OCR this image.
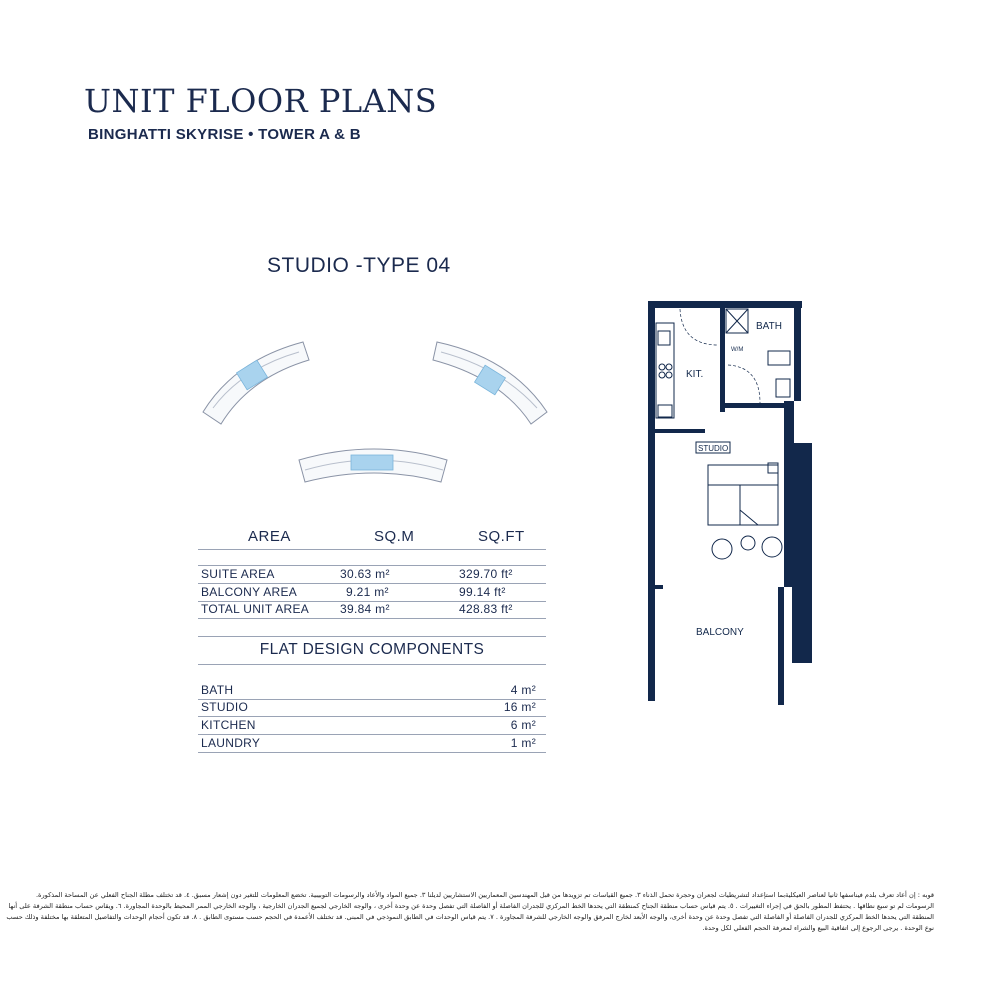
UNIT FLOOR PLANS
BINGHATTI SKYRISE • TOWER A & B
STUDIO -TYPE 04
AREA	SQ.M	SQ.FT
SUITE AREA	30.63 m²	329.70 ft²
BALCONY AREA	9.21 m²	99.14 ft²
TOTAL UNIT AREA	39.84 m²	428.83 ft²
FLAT DESIGN COMPONENTS
BATH	4 m²
STUDIO	16 m²
KITCHEN	6 m²
LAUNDRY	1 m²
W/M
BATH
KIT.
STUDIO
BALCONY
قوبه : إن أعاد تعرف بلدم فيناسفها ثانيا لعناصر العيكليةبما استإعداد لتشريطيات لجعران وحجرة تحمل الذناء ٣. جميع القياسات تم تزويدها من قبل المهندسين المعماريين الاستشاريين لديلنا ٣. جميع المواد والأعاد والرسومات التوبيبية. تخضع المعلومات للتغير دون إشعار مسبق. ٤. قد تختلف مطلة الجناح الفعلي عن المساحة المذكورة.
الرسومات لم تو سيع نطاقها . يحتفظ المطور بالحق في إجراء التغييرات . ٥. يتم قياس حساب منطقة الجناح كمنطقة التي يحدها الخط المركزي للجدران الفاصلة أو الفاصلة التي تفصل وحدة عن وحدة أخرى ، والوجه الخارجي لجميع الجدران الخارجية ، والوجه الخارجي الممر المحيط بالوحدة المجاورة. ٦. ويقاس حساب منطقة الشرفة على أنها
المنطقة التي يحدها الخط المركزي للجدران الفاصلة أو الفاصلة التي تفصل وحدة عن وحدة أخرى، والوجه الأبعد لخارج المرفق والوجه الخارجي للشرفة المجاورة . ٧. يتم قياس الوحدات في الطابق النموذجي في المبنى. قد تختلف الأعمدة في الحجم حسب مستوى الطابق . ٨. قد تكون أحجام الوحدات والتفاصيل المتعلقة بها مختلفة وذلك حسب
نوع الوحدة . يرجى الرجوع إلى اتفاقية البيع والشراء لمعرفة الحجم الفعلي لكل وحدة.
